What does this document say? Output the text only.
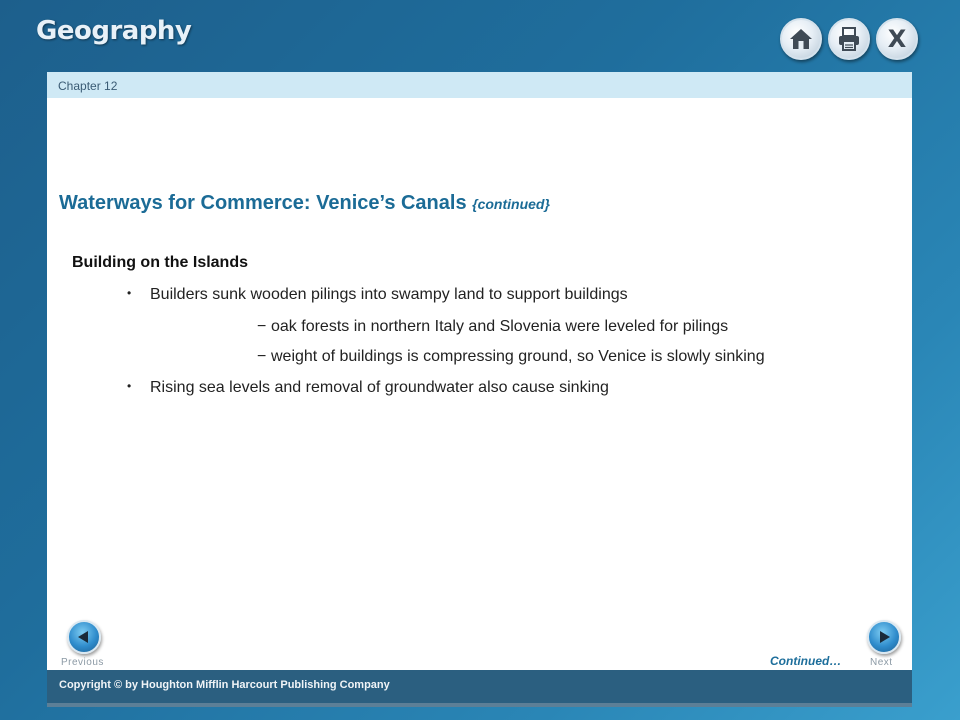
Geography	X
Chapter 12
Waterways for Commerce: Venice’s Canals {continued}
Building on the Islands
• Builders sunk wooden pilings into swampy land to support buildings
− oak forests in northern Italy and Slovenia were leveled for pilings
− weight of buildings is compressing ground, so Venice is slowly sinking
• Rising sea levels and removal of groundwater also cause sinking
Previous	Continued…	Next
Copyright © by Houghton Mifflin Harcourt Publishing Company
